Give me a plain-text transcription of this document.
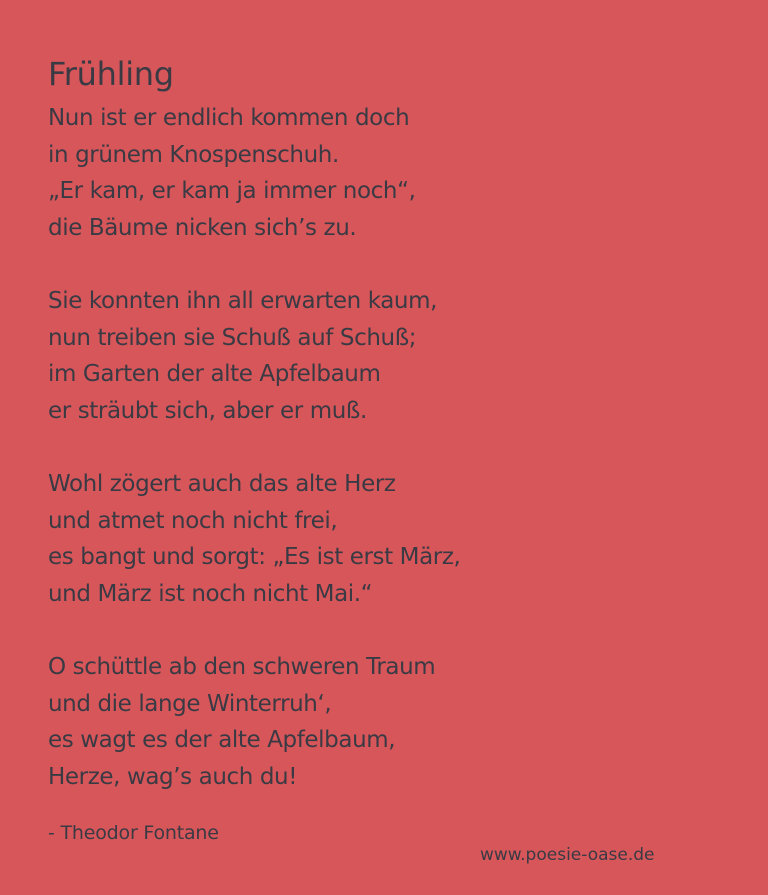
Frühling
Nun ist er endlich kommen doch
in grünem Knospenschuh.
„Er kam, er kam ja immer noch“,
die Bäume nicken sich’s zu.
Sie konnten ihn all erwarten kaum,
nun treiben sie Schuß auf Schuß;
im Garten der alte Apfelbaum
er sträubt sich, aber er muß.
Wohl zögert auch das alte Herz
und atmet noch nicht frei,
es bangt und sorgt: „Es ist erst März,
und März ist noch nicht Mai.“
O schüttle ab den schweren Traum
und die lange Winterruh‘,
es wagt es der alte Apfelbaum,
Herze, wag’s auch du!
- Theodor Fontane
www.poesie-oase.de
